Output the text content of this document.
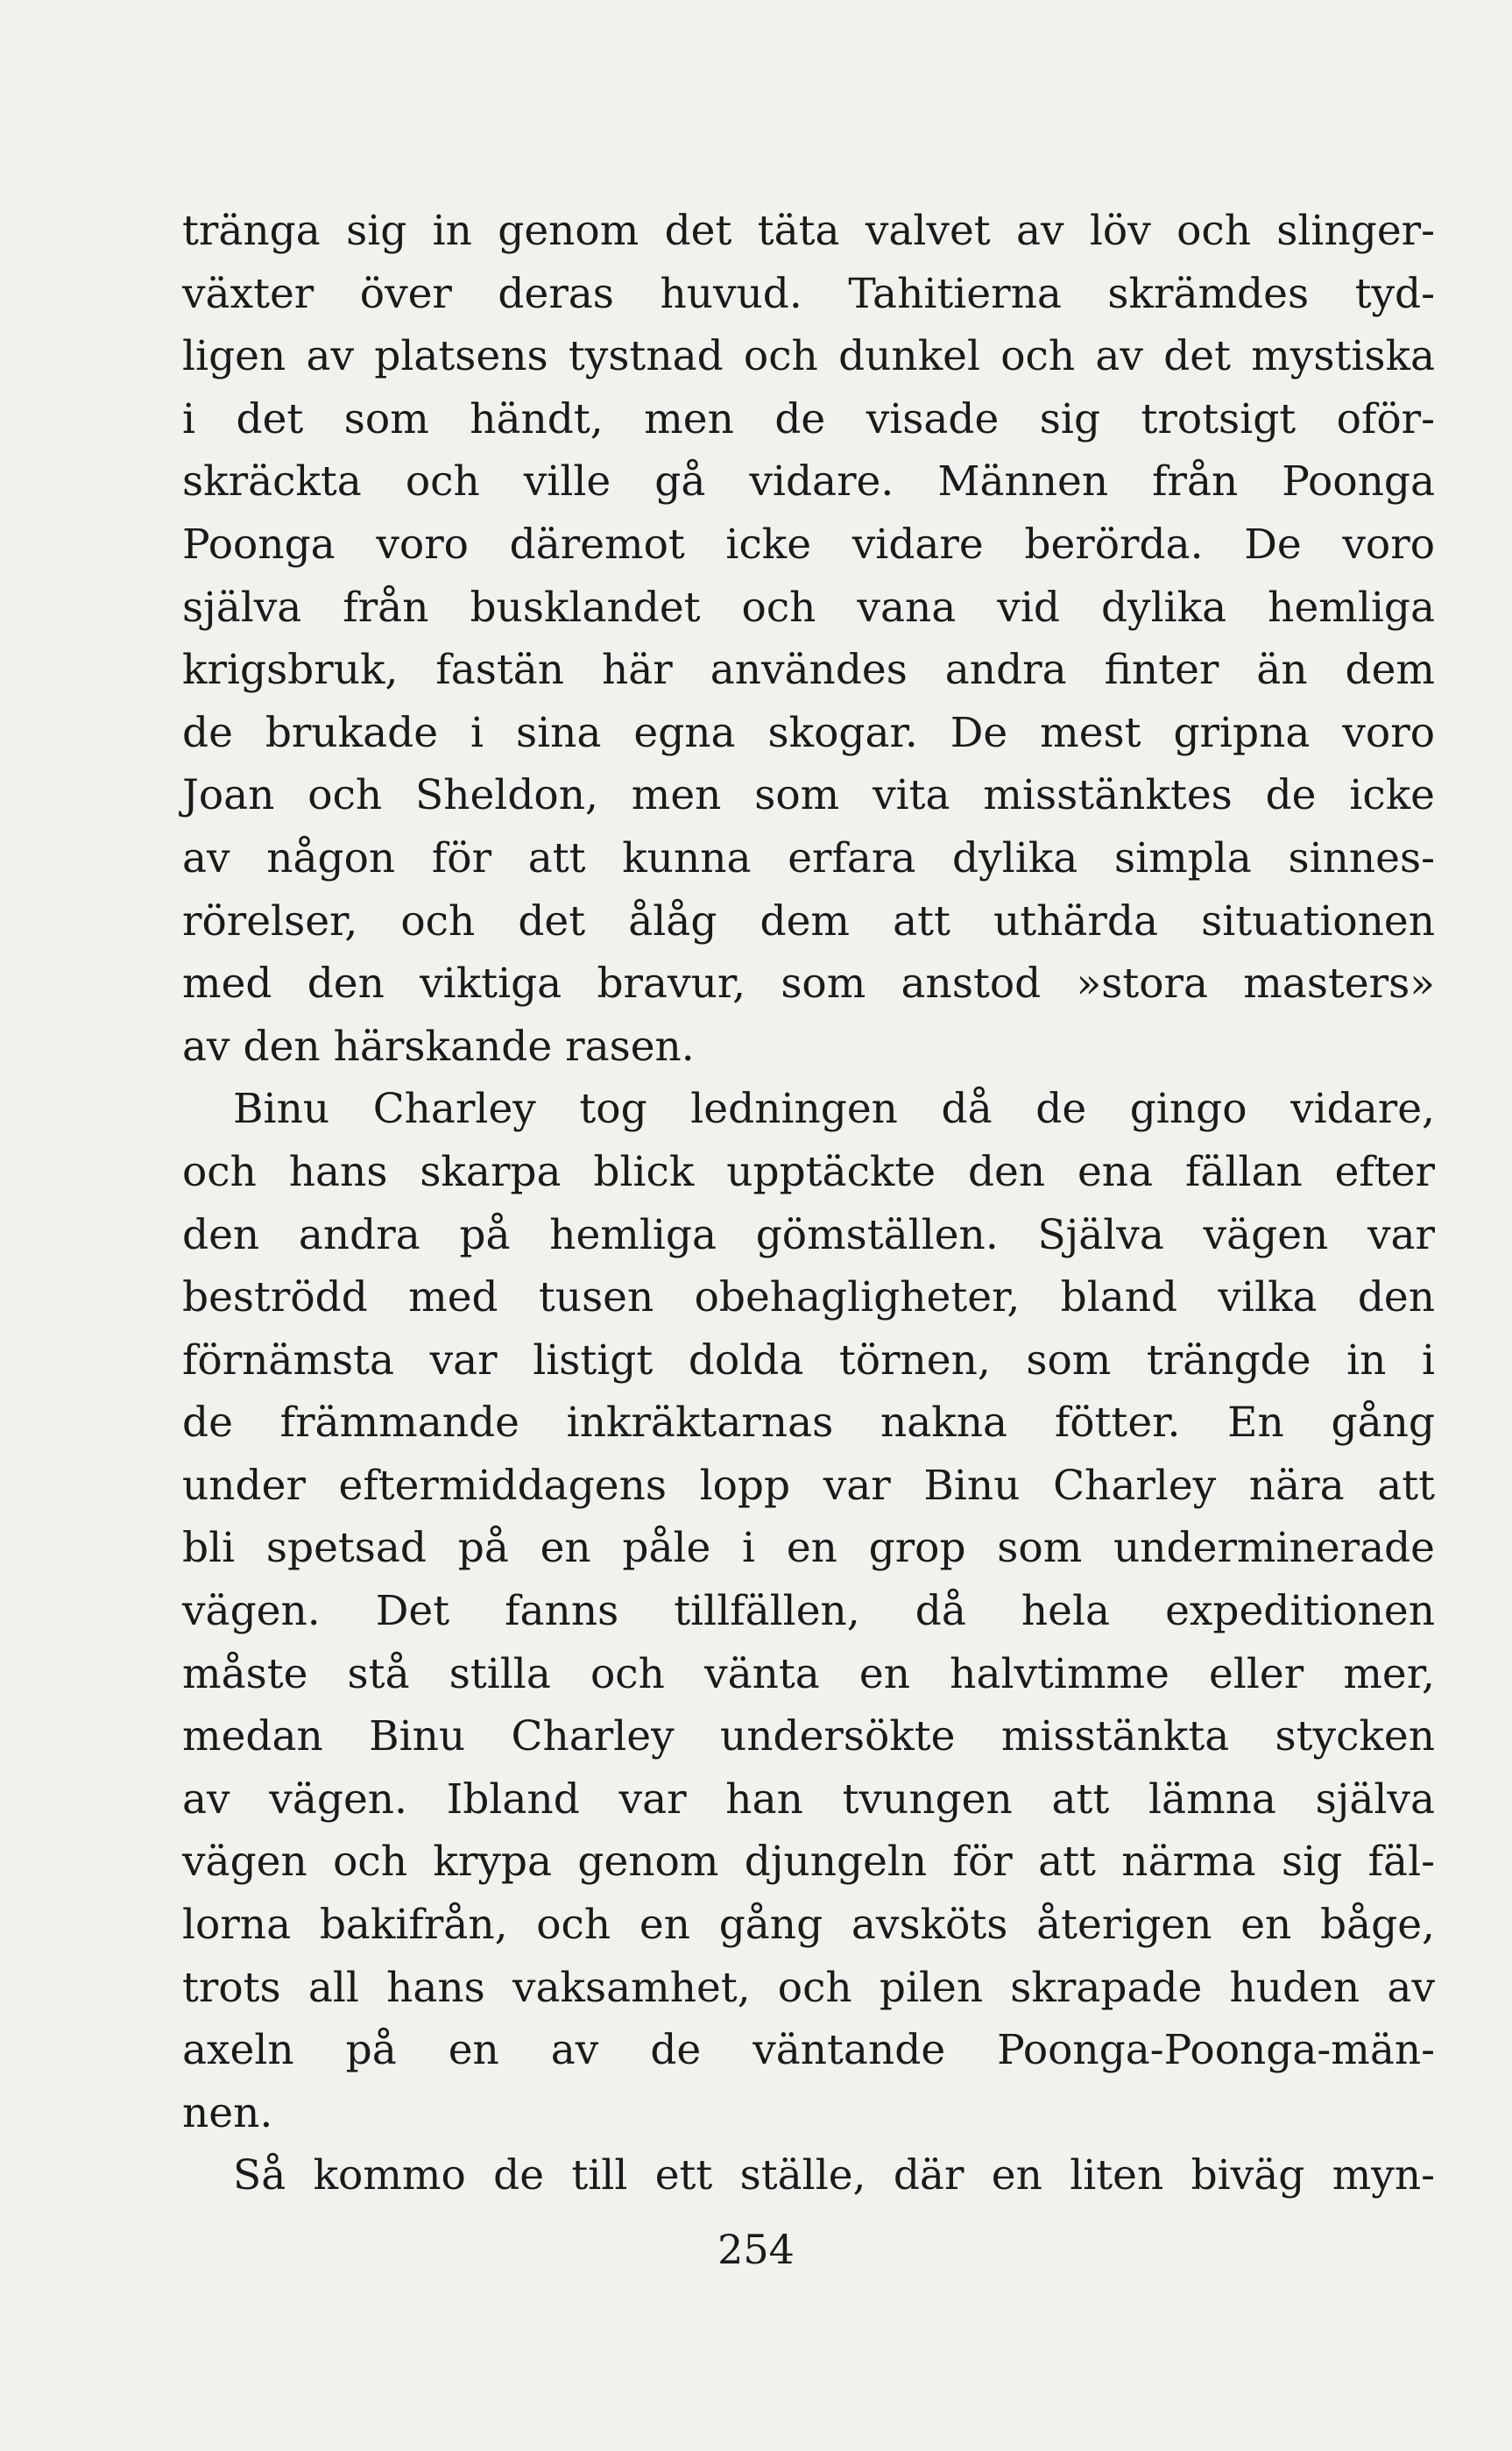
tränga sig in genom det täta valvet av löv och slinger-
växter över deras huvud. Tahitierna skrämdes tyd-
ligen av platsens tystnad och dunkel och av det mystiska
i det som händt, men de visade sig trotsigt oför-
skräckta och ville gå vidare. Männen från Poonga
Poonga voro däremot icke vidare berörda. De voro
själva från busklandet och vana vid dylika hemliga
krigsbruk, fastän här användes andra finter än dem
de brukade i sina egna skogar. De mest gripna voro
Joan och Sheldon, men som vita misstänktes de icke
av någon för att kunna erfara dylika simpla sinnes-
rörelser, och det ålåg dem att uthärda situationen
med den viktiga bravur, som anstod »stora masters»
av den härskande rasen.
Binu Charley tog ledningen då de gingo vidare,
och hans skarpa blick upptäckte den ena fällan efter
den andra på hemliga gömställen. Själva vägen var
beströdd med tusen obehagligheter, bland vilka den
förnämsta var listigt dolda törnen, som trängde in i
de främmande inkräktarnas nakna fötter. En gång
under eftermiddagens lopp var Binu Charley nära att
bli spetsad på en påle i en grop som underminerade
vägen. Det fanns tillfällen, då hela expeditionen
måste stå stilla och vänta en halvtimme eller mer,
medan Binu Charley undersökte misstänkta stycken
av vägen. Ibland var han tvungen att lämna själva
vägen och krypa genom djungeln för att närma sig fäl-
lorna bakifrån, och en gång avsköts återigen en båge,
trots all hans vaksamhet, och pilen skrapade huden av
axeln på en av de väntande Poonga-Poonga-män-
nen.
Så kommo de till ett ställe, där en liten biväg myn-
254
